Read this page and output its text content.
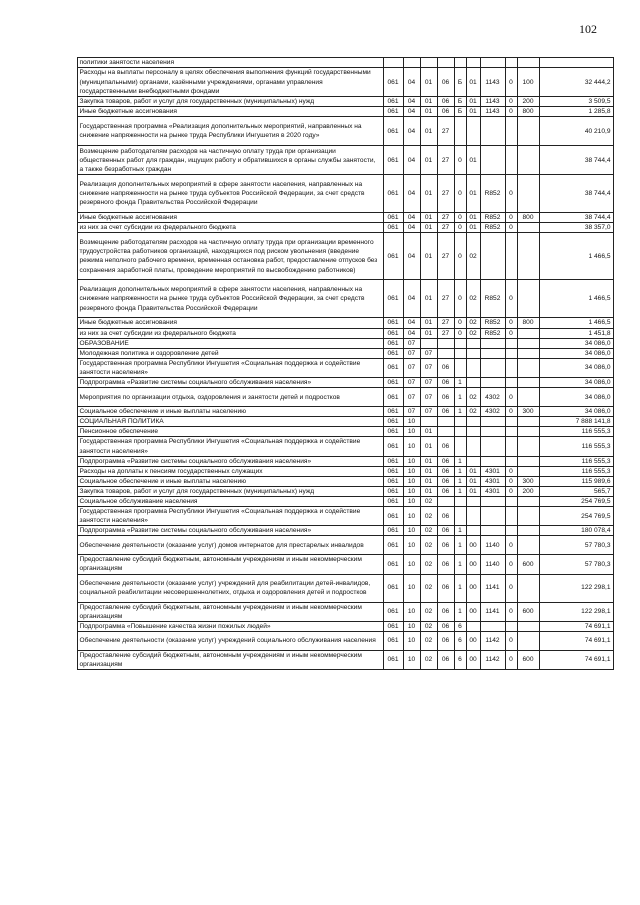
102
	политики занятости населения										
	Расходы на выплаты персоналу в целях обеспечения выполнения функций государственными (муниципальными) органами, казёнными учреждениями, органами управления государственными внебюджетными фондами	061	04	01	06	Б	01	1143	0	100	32 444,2
	Закупка товаров, работ и услуг для государственных (муниципальных) нужд	061	04	01	06	Б	01	1143	0	200	3 509,5
	Иные бюджетные ассигнования	061	04	01	06	Б	01	1143	0	800	1 285,8
	Государственная программа «Реализация дополнительных мероприятий, направленных на снижение напряженности на рынке труда Республики Ингушетия в 2020 году»	061	04	01	27						40 210,9
	Возмещение работодателям расходов на частичную оплату труда при организации общественных работ для граждан, ищущих работу и обратившихся в органы службы занятости, а также безработных граждан	061	04	01	27	0	01				38 744,4
	Реализация дополнительных мероприятий в сфере занятости населения, направленных на снижение напряженности на рынке труда субъектов Российской Федерации, за счет средств резервного фонда Правительства Российской Федерации	061	04	01	27	0	01	R852	0		38 744,4
	Иные бюджетные ассигнования	061	04	01	27	0	01	R852	0	800	38 744,4
	из них за счет субсидии из федерального бюджета	061	04	01	27	0	01	R852	0		38 357,0
	Возмещение работодателям расходов на частичную оплату труда при организации временного трудоустройства работников организаций, находящихся под риском увольнения (введение режима неполного рабочего времени, временная остановка работ, предоставление отпусков без сохранения заработной платы, проведение мероприятий по высвобождению работников)	061	04	01	27	0	02				1 466,5
	Реализация дополнительных мероприятий в сфере занятости населения, направленных на снижение напряженности на рынке труда субъектов Российской Федерации, за счет средств резервного фонда Правительства Российской Федерации	061	04	01	27	0	02	R852	0		1 466,5
	Иные бюджетные ассигнования	061	04	01	27	0	02	R852	0	800	1 466,5
	из них за счет субсидии из федерального бюджета	061	04	01	27	0	02	R852	0		1 451,8
	ОБРАЗОВАНИЕ	061	07								34 086,0
	Молодежная политика и оздоровление детей	061	07	07							34 086,0
	Государственная программа Республики Ингушетия «Социальная поддержка и содействие занятости населения»	061	07	07	06						34 086,0
	Подпрограмма «Развитие системы социального обслуживания населения»	061	07	07	06	1					34 086,0
	Мероприятия по организации отдыха, оздоровления и занятости детей и подростков	061	07	07	06	1	02	4302	0		34 086,0
	Социальное обеспечение и иные выплаты населению	061	07	07	06	1	02	4302	0	300	34 086,0
	СОЦИАЛЬНАЯ ПОЛИТИКА	061	10								7 888 141,8
	Пенсионное обеспечение	061	10	01							116 555,3
	Государственная программа Республики Ингушетия «Социальная поддержка и содействие занятости населения»	061	10	01	06						116 555,3
	Подпрограмма «Развитие системы социального обслуживания населения»	061	10	01	06	1					116 555,3
	Расходы на доплаты к пенсиям государственных служащих	061	10	01	06	1	01	4301	0		116 555,3
	Социальное обеспечение и иные выплаты населению	061	10	01	06	1	01	4301	0	300	115 989,6
	Закупка товаров, работ и услуг для государственных (муниципальных) нужд	061	10	01	06	1	01	4301	0	200	565,7
	Социальное обслуживание населения	061	10	02							254 769,5
	Государственная программа Республики Ингушетия «Социальная поддержка и содействие занятости населения»	061	10	02	06						254 769,5
	Подпрограмма «Развитие системы социального обслуживания населения»	061	10	02	06	1					180 078,4
	Обеспечение деятельности (оказание услуг) домов интернатов для престарелых инвалидов	061	10	02	06	1	00	1140	0		57 780,3
	Предоставление субсидий бюджетным, автономным учреждениям и иным некоммерческим организациям	061	10	02	06	1	00	1140	0	600	57 780,3
	Обеспечение деятельности (оказание услуг) учреждений для реабилитации детей-инвалидов, социальной реабилитации несовершеннолетних, отдыха и оздоровления детей и подростков	061	10	02	06	1	00	1141	0		122 298,1
	Предоставление субсидий бюджетным, автономным учреждениям и иным некоммерческим организациям	061	10	02	06	1	00	1141	0	600	122 298,1
	Подпрограмма «Повышение качества жизни пожилых людей»	061	10	02	06	6					74 691,1
	Обеспечение деятельности (оказание услуг) учреждений социального обслуживания населения	061	10	02	06	6	00	1142	0		74 691,1
	Предоставление субсидий бюджетным, автономным учреждениям и иным некоммерческим организациям	061	10	02	06	6	00	1142	0	600	74 691,1
